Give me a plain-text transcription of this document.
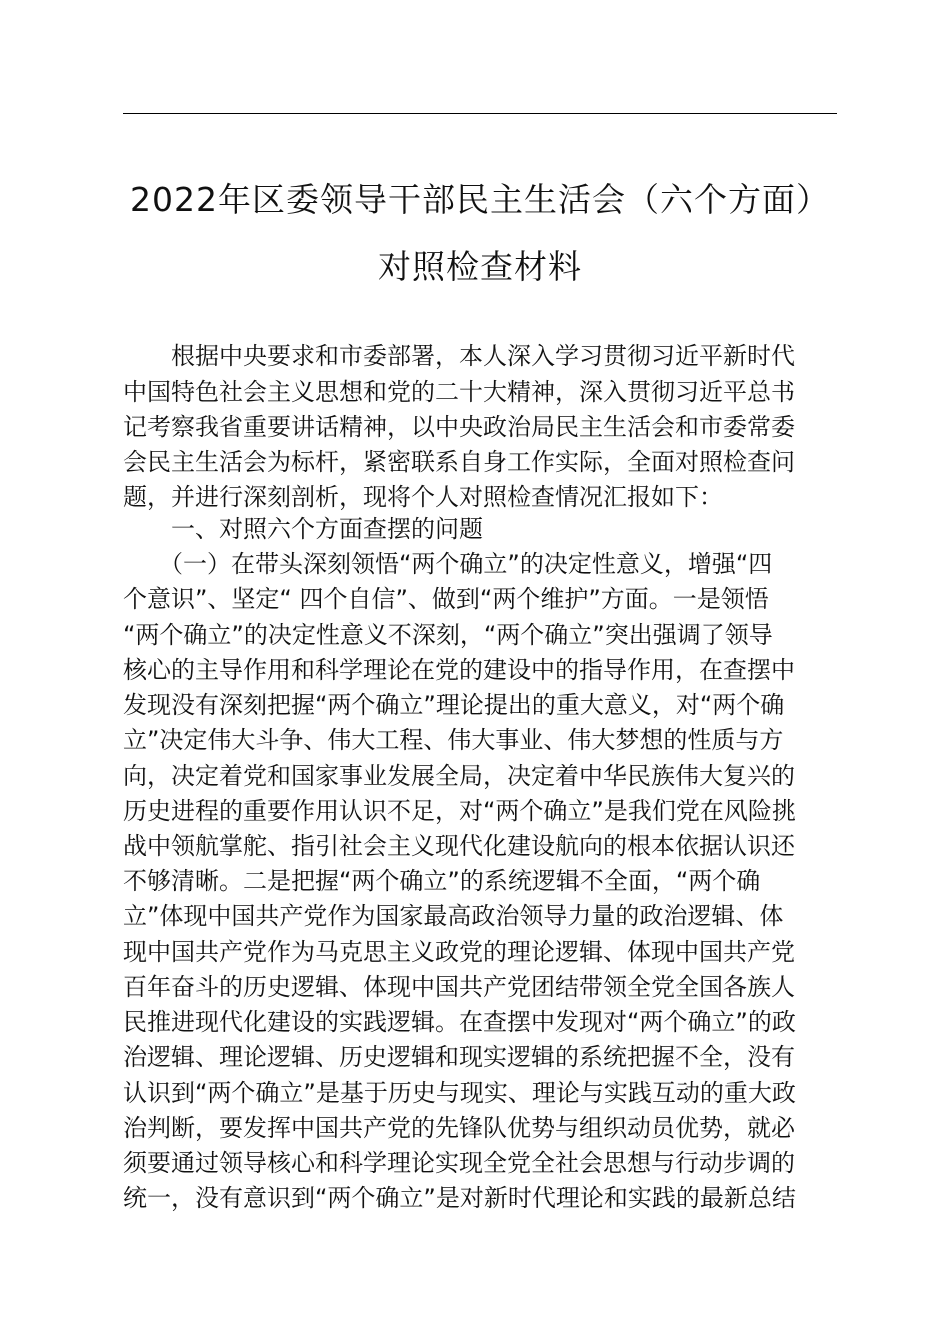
2022年区委领导干部民主生活会（六个方面）
对照检查材料
　　根据中央要求和市委部署，本人深入学习贯彻习近平新时代
中国特色社会主义思想和党的二十大精神，深入贯彻习近平总书
记考察我省重要讲话精神，以中央政治局民主生活会和市委常委
会民主生活会为标杆，紧密联系自身工作实际，全面对照检查问
题，并进行深刻剖析，现将个人对照检查情况汇报如下：
　　一、对照六个方面查摆的问题
　　（一）在带头深刻领悟“两个确立”的决定性意义，增强“四
个意识”、坚定“ 四个自信”、做到“两个维护”方面。一是领悟
“两个确立”的决定性意义不深刻，“两个确立”突出强调了领导
核心的主导作用和科学理论在党的建设中的指导作用，在查摆中
发现没有深刻把握“两个确立”理论提出的重大意义，对“两个确
立”决定伟大斗争、伟大工程、伟大事业、伟大梦想的性质与方
向，决定着党和国家事业发展全局，决定着中华民族伟大复兴的
历史进程的重要作用认识不足，对“两个确立”是我们党在风险挑
战中领航掌舵、指引社会主义现代化建设航向的根本依据认识还
不够清晰。二是把握“两个确立”的系统逻辑不全面，“两个确
立”体现中国共产党作为国家最高政治领导力量的政治逻辑、体
现中国共产党作为马克思主义政党的理论逻辑、体现中国共产党
百年奋斗的历史逻辑、体现中国共产党团结带领全党全国各族人
民推进现代化建设的实践逻辑。在查摆中发现对“两个确立”的政
治逻辑、理论逻辑、历史逻辑和现实逻辑的系统把握不全，没有
认识到“两个确立”是基于历史与现实、理论与实践互动的重大政
治判断，要发挥中国共产党的先锋队优势与组织动员优势，就必
须要通过领导核心和科学理论实现全党全社会思想与行动步调的
统一，没有意识到“两个确立”是对新时代理论和实践的最新总结
